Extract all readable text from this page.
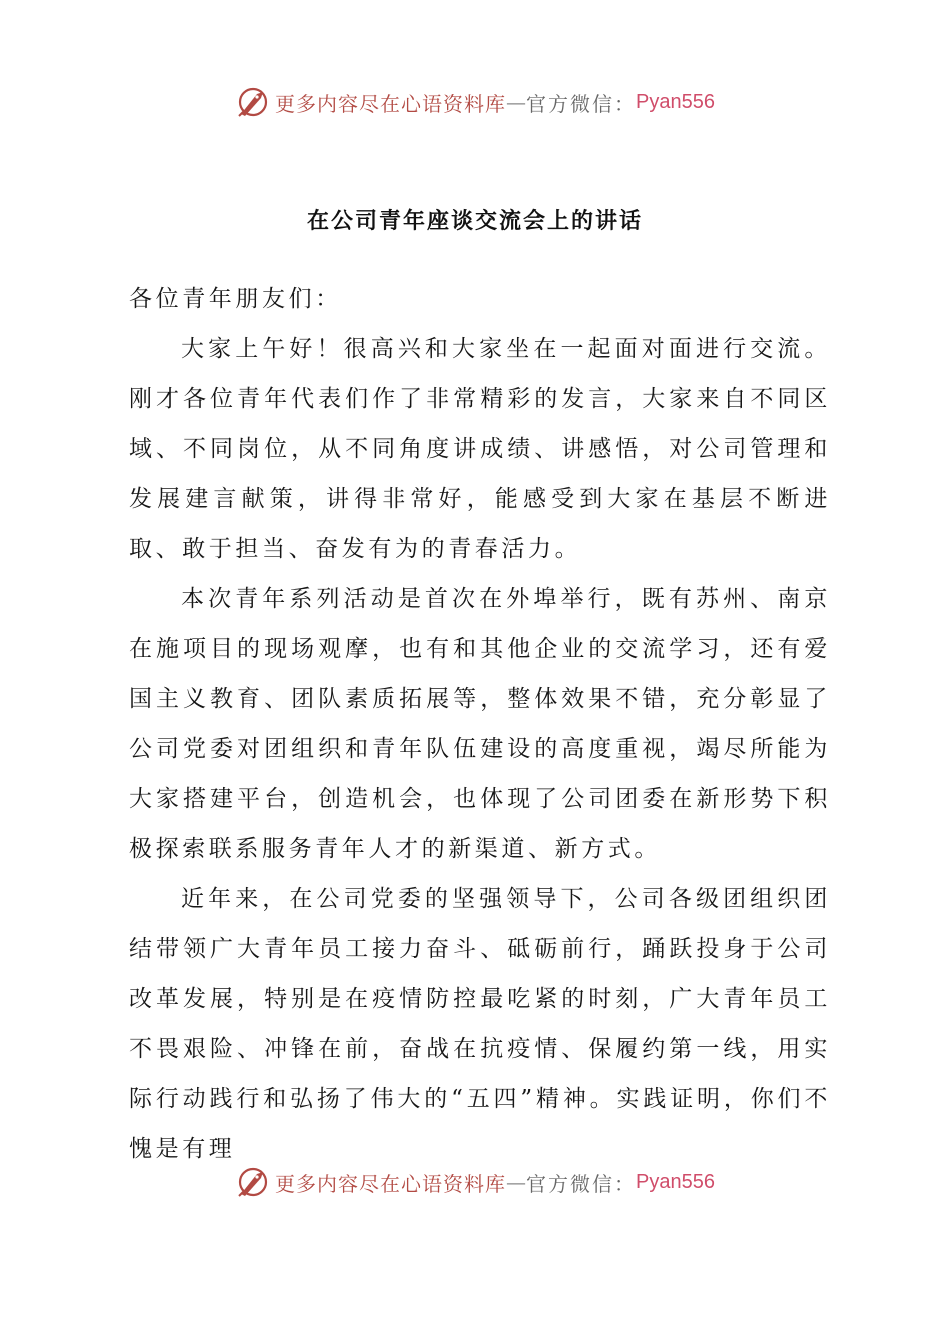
更多内容尽在心语资料库 — 官方微信： Pyan556
在公司青年座谈交流会上的讲话

各位青年朋友们：

大家上午好！很高兴和大家坐在一起面对面进行交流。刚才各位青年代表们作了非常精彩的发言，大家来自不同区域、不同岗位，从不同角度讲成绩、讲感悟，对公司管理和发展建言献策，讲得非常好，能感受到大家在基层不断进取、敢于担当、奋发有为的青春活力。

本次青年系列活动是首次在外埠举行，既有苏州、南京在施项目的现场观摩，也有和其他企业的交流学习，还有爱国主义教育、团队素质拓展等，整体效果不错，充分彰显了公司党委对团组织和青年队伍建设的高度重视，竭尽所能为大家搭建平台，创造机会，也体现了公司团委在新形势下积极探索联系服务青年人才的新渠道、新方式。

近年来，在公司党委的坚强领导下，公司各级团组织团结带领广大青年员工接力奋斗、砥砺前行，踊跃投身于公司改革发展，特别是在疫情防控最吃紧的时刻，广大青年员工不畏艰险、冲锋在前，奋战在抗疫情、保履约第一线，用实际行动践行和弘扬了伟大的“五四”精神。实践证明，你们不愧是有理

更多内容尽在心语资料库 — 官方微信： Pyan556
